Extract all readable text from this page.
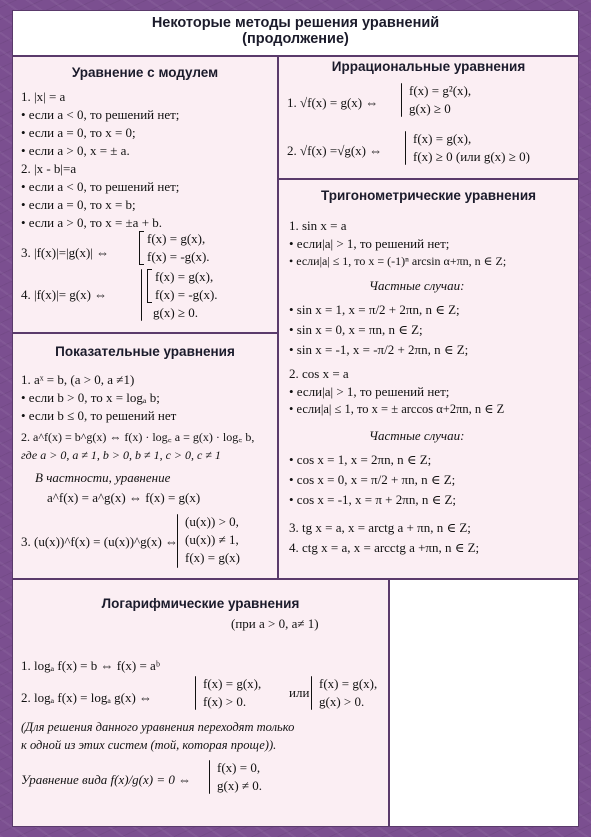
Некоторые методы решения уравнений
(продолжение)
Уравнение с модулем
1. |x| = a
• если a < 0, то решений нет;
• если a = 0, то x = 0;
• если a > 0, x = ± a.
2. |x - b|=a
• если a < 0, то решений нет;
• если a = 0, то x = b;
• если a > 0, то x = ±a + b.
3. |f(x)|=|g(x)| ⇔
f(x) = g(x),
f(x) = -g(x).
4. |f(x)|= g(x) ⇔
f(x) = g(x),
f(x) = -g(x).
g(x) ≥ 0.
Иррациональные уравнения
1. √f(x) = g(x) ⇔
f(x) = g²(x),
g(x) ≥ 0
2. √f(x) =√g(x) ⇔
f(x) = g(x),
f(x) ≥ 0 (или g(x) ≥ 0)
Тригонометрические уравнения
1. sin x = a
• если|a| > 1, то решений нет;
• если|a| ≤ 1, то x = (-1)ⁿ arcsin α+πn, n ∈ Z;
Частные случаи:
• sin x = 1, x = π/2 + 2πn, n ∈ Z;
• sin x = 0, x = πn, n ∈ Z;
• sin x = -1, x = -π/2 + 2πn, n ∈ Z;
2. cos x = a
• если|a| > 1, то решений нет;
• если|a| ≤ 1, то x = ± arccos α+2πn, n ∈ Z
Частные случаи:
• cos x = 1, x = 2πn, n ∈ Z;
• cos x = 0, x = π/2 + πn, n ∈ Z;
• cos x = -1, x = π + 2πn, n ∈ Z;
3. tg x = a, x = arctg a + πn, n ∈ Z;
4. ctg x = a, x = arcctg a +πn, n ∈ Z;
Показательные уравнения
1. aˣ = b, (a > 0, a ≠1)
• если b > 0, то x = logₐ b;
• если b ≤ 0, то решений нет
2. a^f(x) = b^g(x) ⇔ f(x) · log꜀ a = g(x) · log꜀ b,
где a > 0, a ≠ 1, b > 0, b ≠ 1, c > 0, c ≠ 1
В частности, уравнение
a^f(x) = a^g(x) ⇔ f(x) = g(x)
3. (u(x))^f(x) = (u(x))^g(x) ⇔
(u(x)) > 0,
(u(x)) ≠ 1,
f(x) = g(x)
Логарифмические уравнения
(при a > 0, a≠ 1)
1. logₐ f(x) = b ⇔ f(x) = aᵇ
2. logₐ f(x) = logₐ g(x) ⇔
f(x) = g(x),
f(x) > 0.
или
f(x) = g(x),
g(x) > 0.
(Для решения данного уравнения переходят только
к одной из этих систем (той, которая проще)).
Уравнение вида f(x)/g(x) = 0 ⇔
f(x) = 0,
g(x) ≠ 0.
